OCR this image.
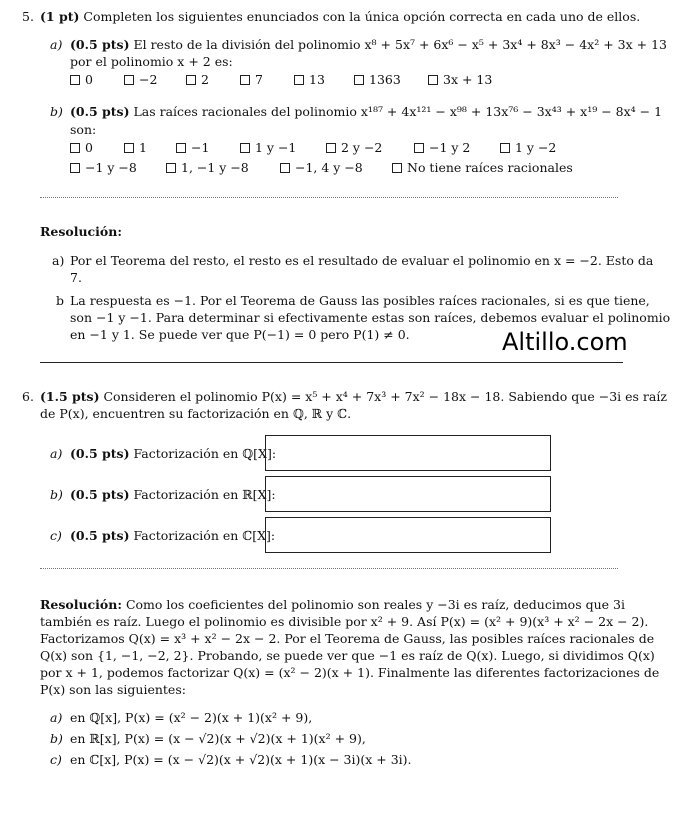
5. (1 pt) Completen los siguientes enunciados con la única opción correcta en cada uno de ellos.
a) (0.5 pts) El resto de la división del polinomio x⁸ + 5x⁷ + 6x⁶ − x⁵ + 3x⁴ + 8x³ − 4x² + 3x + 13
por el polinomio x + 2 es:
0	−2	2	7	13	1363	3x + 13
b) (0.5 pts) Las raíces racionales del polinomio x¹⁸⁷ + 4x¹²¹ − x⁹⁸ + 13x⁷⁶ − 3x⁴³ + x¹⁹ − 8x⁴ − 1
son:
0	1	−1	1 y −1	2 y −2	−1 y 2	1 y −2
−1 y −8	1, −1 y −8	−1, 4 y −8	No tiene raíces racionales
Resolución:
a) Por el Teorema del resto, el resto es el resultado de evaluar el polinomio en x = −2. Esto da
7.
b La respuesta es −1. Por el Teorema de Gauss las posibles raíces racionales, si es que tiene,
son −1 y −1. Para determinar si efectivamente estas son raíces, debemos evaluar el polinomio
en −1 y 1. Se puede ver que P(−1) = 0 pero P(1) ≠ 0.	Altillo.com
6. (1.5 pts) Consideren el polinomio P(x) = x⁵ + x⁴ + 7x³ + 7x² − 18x − 18. Sabiendo que −3i es raíz
de P(x), encuentren su factorización en ℚ, ℝ y ℂ.
a) (0.5 pts) Factorización en ℚ[X]:
b) (0.5 pts) Factorización en ℝ[X]:
c) (0.5 pts) Factorización en ℂ[X]:
Resolución: Como los coeficientes del polinomio son reales y −3i es raíz, deducimos que 3i
también es raíz. Luego el polinomio es divisible por x² + 9. Así P(x) = (x² + 9)(x³ + x² − 2x − 2).
Factorizamos Q(x) = x³ + x² − 2x − 2. Por el Teorema de Gauss, las posibles raíces racionales de
Q(x) son {1, −1, −2, 2}. Probando, se puede ver que −1 es raíz de Q(x). Luego, si dividimos Q(x)
por x + 1, podemos factorizar Q(x) = (x² − 2)(x + 1). Finalmente las diferentes factorizaciones de
P(x) son las siguientes:
a) en ℚ[x], P(x) = (x² − 2)(x + 1)(x² + 9),
b) en ℝ[x], P(x) = (x − √2)(x + √2)(x + 1)(x² + 9),
c) en ℂ[x], P(x) = (x − √2)(x + √2)(x + 1)(x − 3i)(x + 3i).
